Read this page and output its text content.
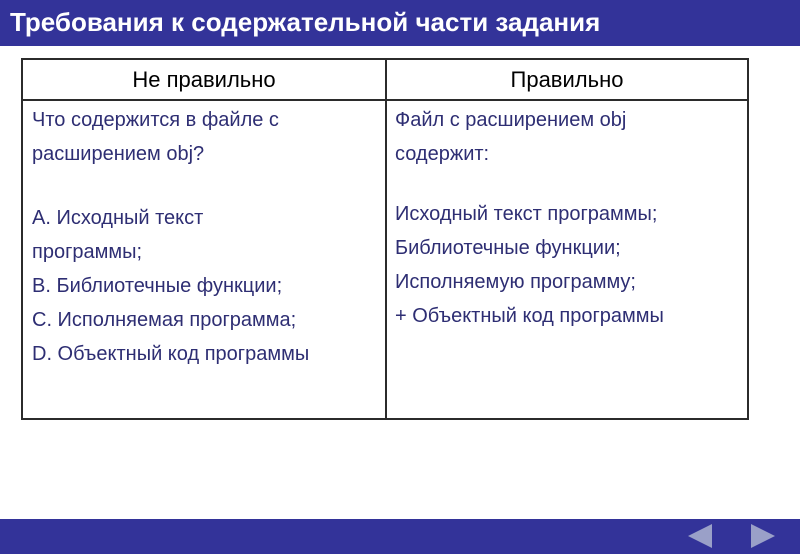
Требования к содержательной части задания
Не правильно	Правильно
Что содержится в файле с
расширением obj?
А. Исходный текст
программы;
B. Библиотечные функции;
C. Исполняемая программа;
D. Объектный код программы
Файл с расширением obj
содержит:
Исходный текст программы;
Библиотечные функции;
Исполняемую программу;
+ Объектный код программы
